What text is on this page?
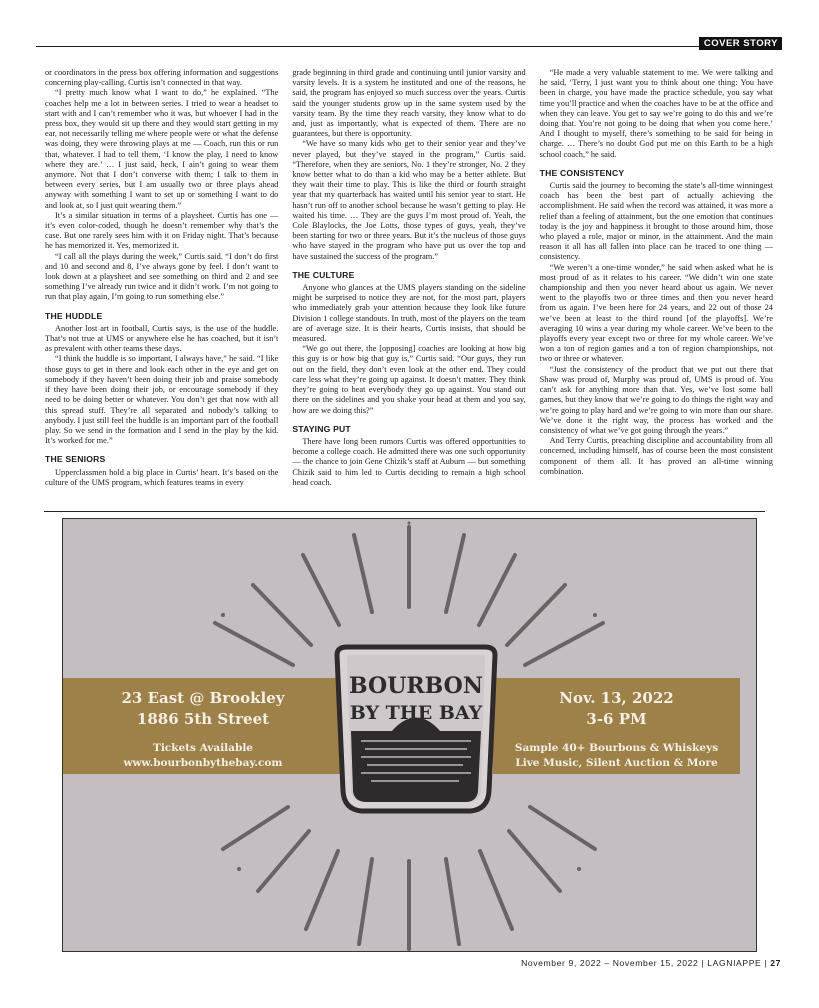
COVER STORY

or coordinators in the press box offering information and suggestions concerning play-calling. Curtis isn’t connected in that way.

“I pretty much know what I want to do,” he explained. “The coaches help me a lot in between series. I tried to wear a headset to start with and I can’t remember who it was, but whoever I had in the press box, they would sit up there and they would start getting in my ear, not necessarily telling me where people were or what the defense was doing, they were throwing plays at me — Coach, run this or run that, whatever. I had to tell them, ‘I know the play, I need to know where they are.’ … I just said, heck, I ain’t going to wear them anymore. Not that I don’t converse with them; I talk to them in between every series, but I am usually two or three plays ahead anyway with something I want to set up or something I want to do and look at, so I just quit wearing them.”

It’s a similar situation in terms of a playsheet. Curtis has one — it’s even color-coded, though he doesn’t remember why that’s the case. But one rarely sees him with it on Friday night. That’s because he has memorized it. Yes, memorized it.

“I call all the plays during the week,” Curtis said. “I don’t do first and 10 and second and 8, I’ve always gone by feel. I don’t want to look down at a playsheet and see something on third and 2 and see something I’ve already run twice and it didn’t work. I’m not going to run that play again, I’m going to run something else.”

THE HUDDLE

Another lost art in football, Curtis says, is the use of the huddle. That’s not true at UMS or anywhere else he has coached, but it isn’t as prevalent with other teams these days.

“I think the huddle is so important, I always have,” he said. “I like those guys to get in there and look each other in the eye and get on somebody if they haven’t been doing their job and praise somebody if they have been doing their job, or encourage somebody if they need to be doing better or whatever. You don’t get that now with all this spread stuff. They’re all separated and nobody’s talking to anybody. I just still feel the huddle is an important part of the football play. So we send in the formation and I send in the play by the kid. It’s worked for me.”

THE SENIORS

Upperclassmen hold a big place in Curtis’ heart. It’s based on the culture of the UMS program, which features teams in every

grade beginning in third grade and continuing until junior varsity and varsity levels. It is a system he instituted and one of the reasons, he said, the program has enjoyed so much success over the years. Curtis said the younger students grow up in the same system used by the varsity team. By the time they reach varsity, they know what to do and, just as importantly, what is expected of them. There are no guarantees, but there is opportunity.

“We have so many kids who get to their senior year and they’ve never played, but they’ve stayed in the program,” Curtis said. “Therefore, when they are seniors, No. 1 they’re stronger, No. 2 they know better what to do than a kid who may be a better athlete. But they wait their time to play. This is like the third or fourth straight year that my quarterback has waited until his senior year to start. He hasn’t run off to another school because he wasn’t getting to play. He waited his time. … They are the guys I’m most proud of. Yeah, the Cole Blaylocks, the Joe Lotts, those types of guys, yeah, they’ve been starting for two or three years. But it’s the nucleus of those guys who have stayed in the program who have put us over the top and have sustained the success of the program.”

THE CULTURE

Anyone who glances at the UMS players standing on the sideline might be surprised to notice they are not, for the most part, players who immediately grab your attention because they look like future Division 1 college standouts. In truth, most of the players on the team are of average size. It is their hearts, Curtis insists, that should be measured.

“We go out there, the [opposing] coaches are looking at how big this guy is or how big that guy is,” Curtis said. “Our guys, they run out on the field, they don’t even look at the other end. They could care less what they’re going up against. It doesn’t matter. They think they’re going to beat everybody they go up against. You stand out there on the sidelines and you shake your head at them and you say, how are we doing this?”

STAYING PUT

There have long been rumors Curtis was offered opportunities to become a college coach. He admitted there was one such opportunity — the chance to join Gene Chizik’s staff at Auburn — but something Chizik said to him led to Curtis deciding to remain a high school head coach.

“He made a very valuable statement to me. We were talking and he said, ‘Terry, I just want you to think about one thing: You have been in charge, you have made the practice schedule, you say what time you’ll practice and when the coaches have to be at the office and when they can leave. You get to say we’re going to do this and we’re doing that. You’re not going to be doing that when you come here.’ And I thought to myself, there’s something to be said for being in charge. … There’s no doubt God put me on this Earth to be a high school coach,” he said.

THE CONSISTENCY

Curtis said the journey to becoming the state’s all-time winningest coach has been the best part of actually achieving the accomplishment. He said when the record was attained, it was more a relief than a feeling of attainment, but the one emotion that continues today is the joy and happiness it brought to those around him, those who played a role, major or minor, in the attainment. And the main reason it all has all fallen into place can be traced to one thing — consistency.

“We weren’t a one-time wonder,” he said when asked what he is most proud of as it relates to his career. “We didn’t win one state championship and then you never heard about us again. We never went to the playoffs two or three times and then you never heard from us again. I’ve been here for 24 years, and 22 out of those 24 we’ve been at least to the third round [of the playoffs]. We’re averaging 10 wins a year during my whole career. We’ve been to the playoffs every year except two or three for my whole career. We’ve won a ton of region games and a ton of region championships, not two or three or whatever.

“Just the consistency of the product that we put out there that Shaw was proud of, Murphy was proud of, UMS is proud of. You can’t ask for anything more than that. Yes, we’ve lost some ball games, but they know that we’re going to do things the right way and we’re going to play hard and we’re going to win more than our share. We’ve done it the right way, the process has worked and the consistency of what we’ve got going through the years.”

And Terry Curtis, preaching discipline and accountability from all concerned, including himself, has of course been the most consistent component of them all. It has proved an all-time winning combination.

23 East @ Brookley
1886 5th Street
Tickets Available
www.bourbonbythebay.com
Nov. 13, 2022
3-6 PM
Sample 40+ Bourbons & Whiskeys
Live Music, Silent Auction & More
BOURBON
BY THE BAY
November 9, 2022 – November 15, 2022 | LAGNIAPPE | 27
